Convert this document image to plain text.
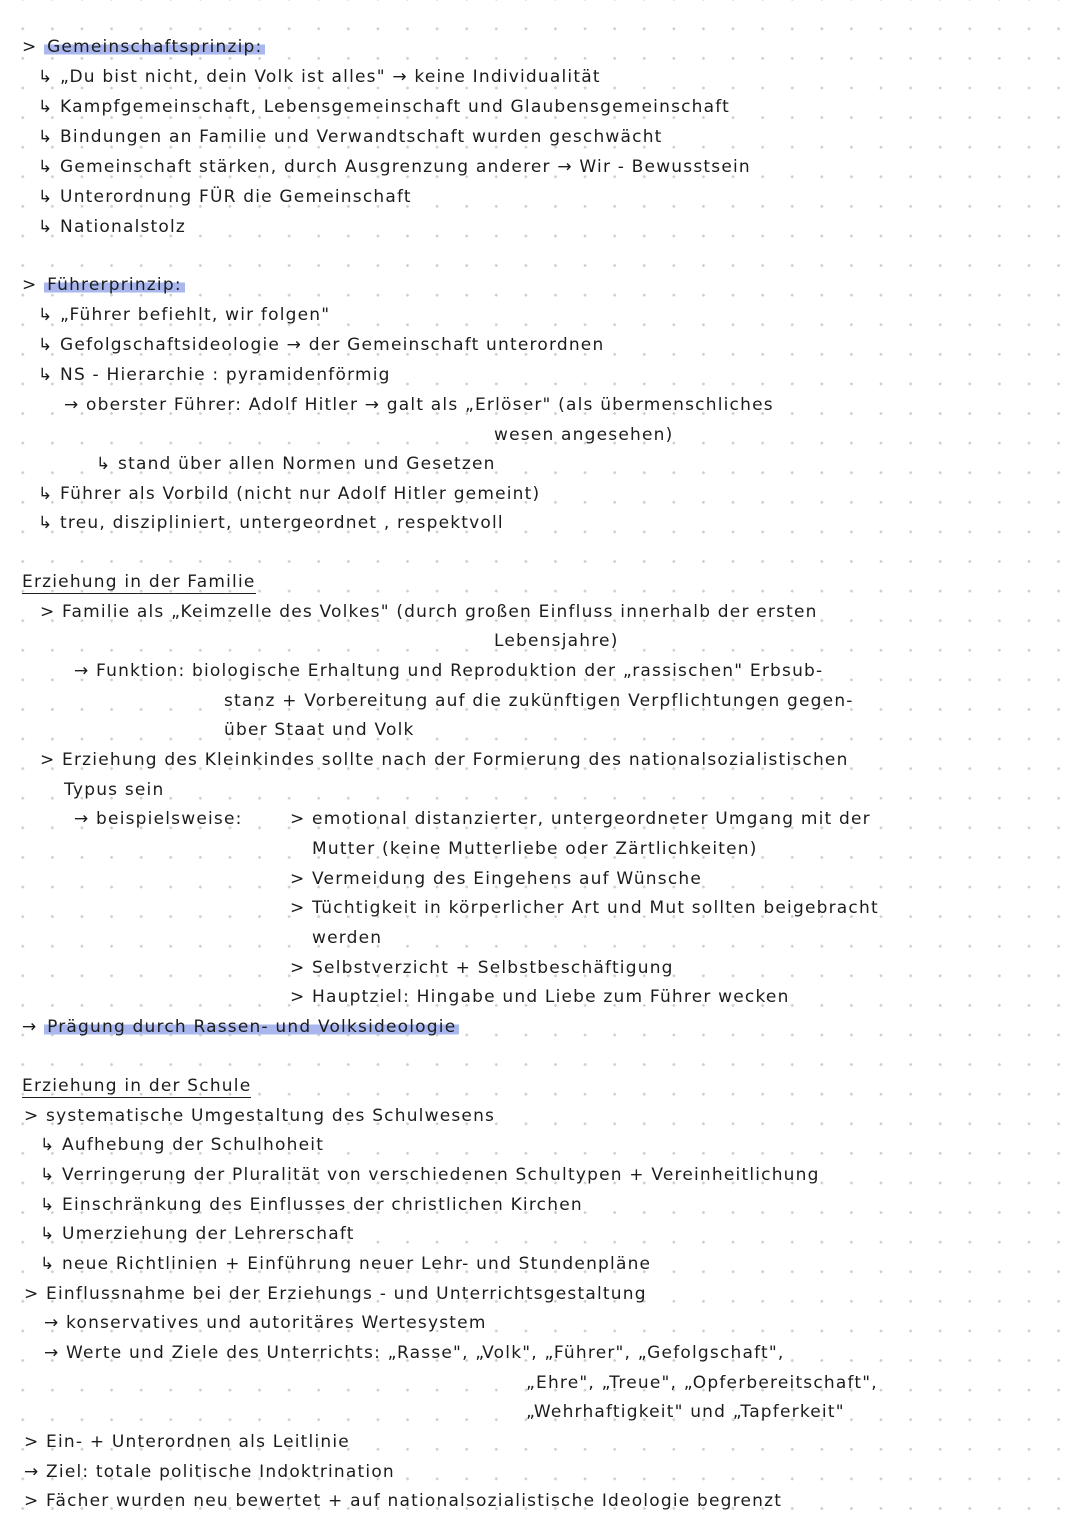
> Gemeinschaftsprinzip:
↳ „Du bist nicht, dein Volk ist alles" → keine Individualität
↳ Kampfgemeinschaft, Lebensgemeinschaft und Glaubensgemeinschaft
↳ Bindungen an Familie und Verwandtschaft wurden geschwächt
↳ Gemeinschaft stärken, durch Ausgrenzung anderer → Wir - Bewusstsein
↳ Unterordnung FÜR die Gemeinschaft
↳ Nationalstolz
> Führerprinzip:
↳ „Führer befiehlt, wir folgen"
↳ Gefolgschaftsideologie → der Gemeinschaft unterordnen
↳ NS - Hierarchie : pyramidenförmig
→ oberster Führer: Adolf Hitler → galt als „Erlöser" (als übermenschliches
wesen angesehen)
↳ stand über allen Normen und Gesetzen
↳ Führer als Vorbild (nicht nur Adolf Hitler gemeint)
↳ treu, diszipliniert, untergeordnet , respektvoll
Erziehung in der Familie
> Familie als „Keimzelle des Volkes" (durch großen Einfluss innerhalb der ersten
Lebensjahre)
→ Funktion: biologische Erhaltung und Reproduktion der „rassischen" Erbsub-
stanz + Vorbereitung auf die zukünftigen Verpflichtungen gegen-
über Staat und Volk
> Erziehung des Kleinkindes sollte nach der Formierung des nationalsozialistischen
Typus sein
→ beispielsweise:	> emotional distanzierter, untergeordneter Umgang mit der
Mutter (keine Mutterliebe oder Zärtlichkeiten)
> Vermeidung des Eingehens auf Wünsche
> Tüchtigkeit in körperlicher Art und Mut sollten beigebracht
werden
> Selbstverzicht + Selbstbeschäftigung
> Hauptziel: Hingabe und Liebe zum Führer wecken
→ Prägung durch Rassen- und Volksideologie
Erziehung in der Schule
> systematische Umgestaltung des Schulwesens
↳ Aufhebung der Schulhoheit
↳ Verringerung der Pluralität von verschiedenen Schultypen + Vereinheitlichung
↳ Einschränkung des Einflusses der christlichen Kirchen
↳ Umerziehung der Lehrerschaft
↳ neue Richtlinien + Einführung neuer Lehr- und Stundenpläne
> Einflussnahme bei der Erziehungs - und Unterrichtsgestaltung
→ konservatives und autoritäres Wertesystem
→ Werte und Ziele des Unterrichts: „Rasse", „Volk", „Führer", „Gefolgschaft",
„Ehre", „Treue", „Opferbereitschaft",
„Wehrhaftigkeit" und „Tapferkeit"
> Ein- + Unterordnen als Leitlinie
→ Ziel: totale politische Indoktrination
> Fächer wurden neu bewertet + auf nationalsozialistische Ideologie begrenzt
